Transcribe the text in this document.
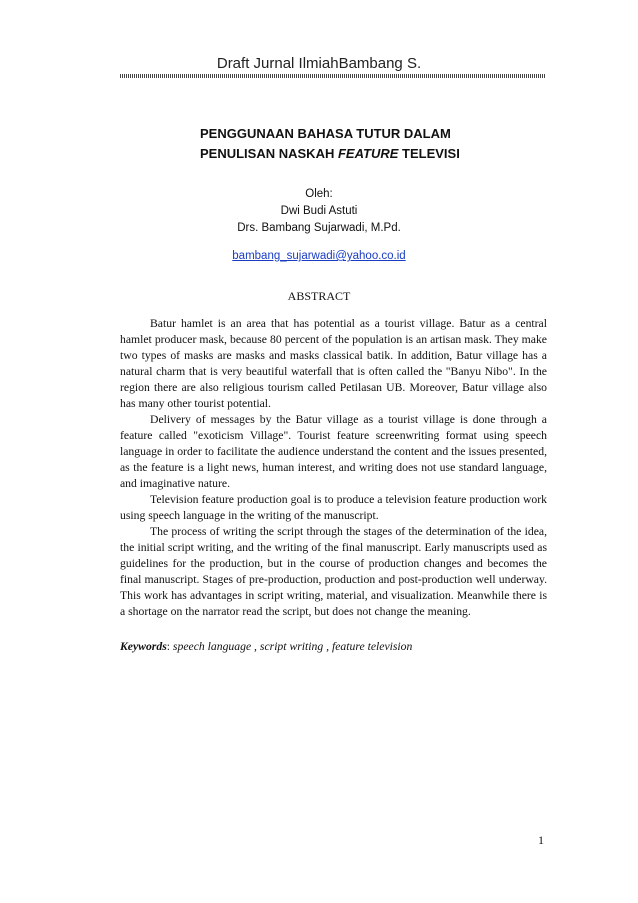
Draft Jurnal IlmiahBambang S.
PENGGUNAAN BAHASA TUTUR DALAM
PENULISAN NASKAH FEATURE TELEVISI
Oleh:
Dwi Budi Astuti
Drs. Bambang Sujarwadi, M.Pd.
bambang_sujarwadi@yahoo.co.id
ABSTRACT

Batur hamlet is an area that has potential as a tourist village. Batur as a central hamlet producer mask, because 80 percent of the population is an artisan mask. They make two types of masks are masks and masks classical batik. In addition, Batur village has a natural charm that is very beautiful waterfall that is often called the "Banyu Nibo". In the region there are also religious tourism called Petilasan UB. Moreover, Batur village also has many other tourist potential.

Delivery of messages by the Batur village as a tourist village is done through a feature called "exoticism Village". Tourist feature screenwriting format using speech language in order to facilitate the audience understand the content and the issues presented, as the feature is a light news, human interest, and writing does not use standard language, and imaginative nature.

Television feature production goal is to produce a television feature production work using speech language in the writing of the manuscript.

The process of writing the script through the stages of the determination of the idea, the initial script writing, and the writing of the final manuscript. Early manuscripts used as guidelines for the production, but in the course of production changes and becomes the final manuscript. Stages of pre-production, production and post-production well underway. This work has advantages in script writing, material, and visualization. Meanwhile there is a shortage on the narrator read the script, but does not change the meaning.

Keywords: speech language , script writing , feature television
1
